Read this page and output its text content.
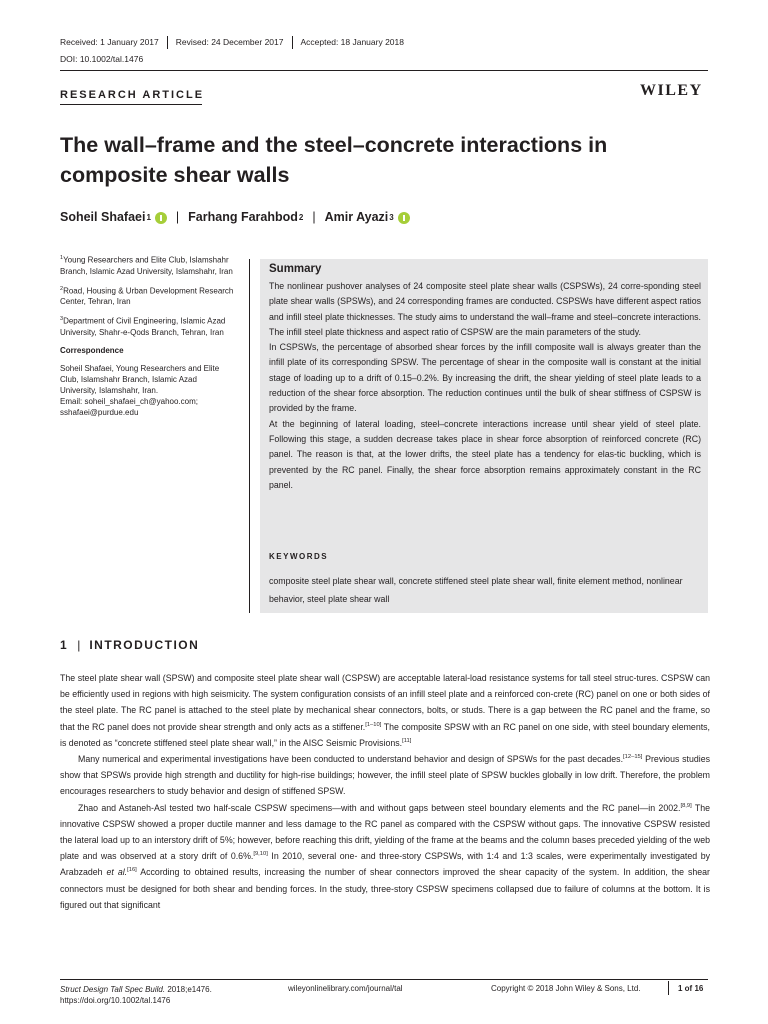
Received: 1 January 2017 Revised: 24 December 2017 Accepted: 18 January 2018
DOI: 10.1002/tal.1476
RESEARCH ARTICLE	WILEY
The wall–frame and the steel–concrete interactions in
composite shear walls
Soheil Shafaei 1 | Farhang Farahbod 2 | Amir Ayazi 3

$^1$Young Researchers and Elite Club, Islamshahr Branch, Islamic Azad University, Islamshahr, Iran

$^2$Road, Housing & Urban Development Research Center, Tehran, Iran

$^3$Department of Civil Engineering, Islamic Azad University, Shahr-e-Qods Branch, Tehran, Iran

Correspondence

Soheil Shafaei, Young Researchers and Elite
Club, Islamshahr Branch, Islamic Azad
University, Islamshahr, Iran.
Email: soheil_shafaei_ch@yahoo.com;
sshafaei@purdue.edu
Summary

The nonlinear pushover analyses of 24 composite steel plate shear walls (CSPSWs), 24 corre-sponding steel plate shear walls (SPSWs), and 24 corresponding frames are conducted. CSPSWs have different aspect ratios and infill steel plate thicknesses. The study aims to understand the wall–frame and steel–concrete interactions. The infill steel plate thickness and aspect ratio of CSPSW are the main parameters of the study.

In CSPSWs, the percentage of absorbed shear forces by the infill composite wall is always greater than the infill plate of its corresponding SPSW. The percentage of shear in the composite wall is constant at the initial stage of loading up to a drift of 0.15–0.2%. By increasing the drift, the shear yielding of steel plate leads to a reduction of the shear force absorption. The reduction continues until the bulk of shear stiffness of CSPSW is provided by the frame.

At the beginning of lateral loading, steel–concrete interactions increase until shear yield of steel plate. Following this stage, a sudden decrease takes place in shear force absorption of reinforced concrete (RC) panel. The reason is that, at the lower drifts, the steel plate has a tendency for elas-tic buckling, which is prevented by the RC panel. Finally, the shear force absorption remains approximately constant in the RC panel.

KEYWORDS
composite steel plate shear wall, concrete stiffened steel plate shear wall, finite element method, nonlinear behavior, steel plate shear wall
1 | INTRODUCTION

The steel plate shear wall (SPSW) and composite steel plate shear wall (CSPSW) are acceptable lateral-load resistance systems for tall steel struc-tures. CSPSW can be efficiently used in regions with high seismicity. The system configuration consists of an infill steel plate and a reinforced con-crete (RC) panel on one or both sides of the steel plate. The RC panel is attached to the steel plate by mechanical shear connectors, bolts, or studs. There is a gap between the RC panel and the frame, so that the RC panel does not provide shear strength and only acts as a stiffener.[1–10] The composite SPSW with an RC panel on one side, with steel boundary elements, is denoted as “concrete stiffened steel plate shear wall,” in the AISC Seismic Provisions.[11]

Many numerical and experimental investigations have been conducted to understand behavior and design of SPSWs for the past decades.[12–15] Previous studies show that SPSWs provide high strength and ductility for high-rise buildings; however, the infill steel plate of SPSW buckles globally in low drift. Therefore, the problem encourages researchers to study behavior and design of stiffened SPSW.

Zhao and Astaneh-Asl tested two half-scale CSPSW specimens—with and without gaps between steel boundary elements and the RC panel—in 2002.[8,9] The innovative CSPSW showed a proper ductile manner and less damage to the RC panel as compared with the CSPSW without gaps. The innovative CSPSW resisted the lateral load up to an interstory drift of 5%; however, before reaching this drift, yielding of the frame at the beams and the column bases preceded yielding of the web plate and was observed at a story drift of 0.6%.[9,10] In 2010, several one- and three-story CSPSWs, with 1:4 and 1:3 scales, were experimentally investigated by Arabzadeh et al.[16] According to obtained results, increasing the number of shear connectors improved the shear capacity of the system. In addition, the shear connectors must be designed for both shear and bending forces. In the study, three-story CSPSW specimens collapsed due to failure of columns at the bottom. It is figured out that significant

Struct Design Tall Spec Build. 2018;e1476.
https://doi.org/10.1002/tal.1476
wileyonlinelibrary.com/journal/tal	Copyright © 2018 John Wiley & Sons, Ltd.	1 of 16
